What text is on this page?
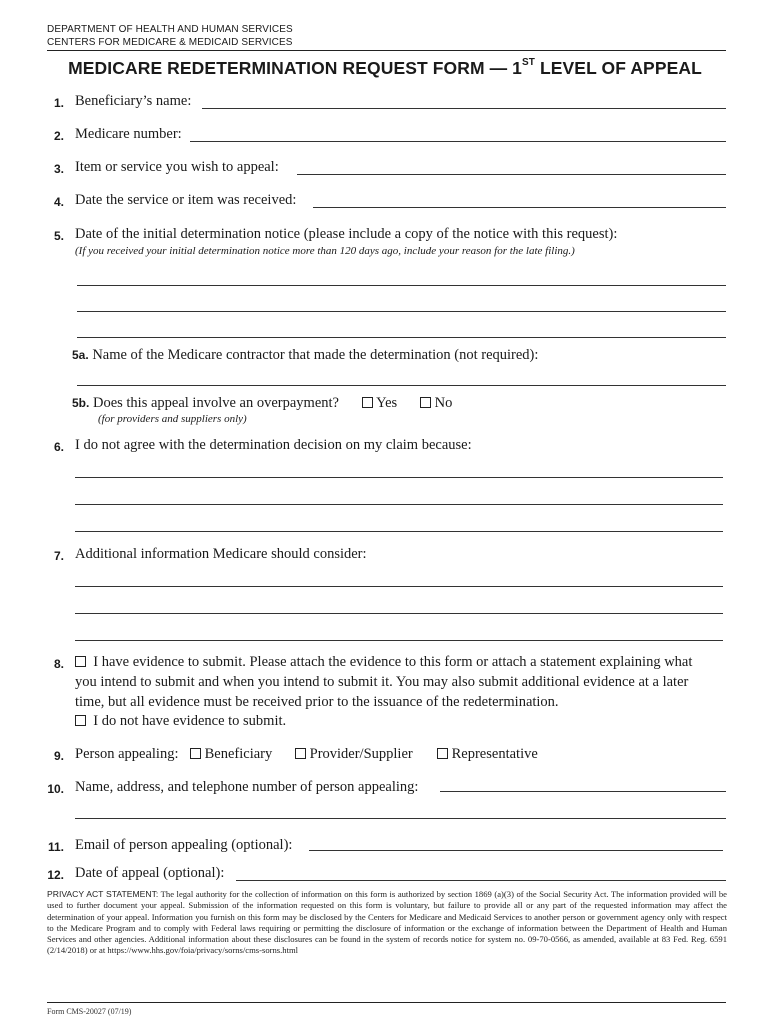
DEPARTMENT OF HEALTH AND HUMAN SERVICES
CENTERS FOR MEDICARE & MEDICAID SERVICES
MEDICARE REDETERMINATION REQUEST FORM — 1ST LEVEL OF APPEAL
1. Beneficiary’s name:
2. Medicare number:
3. Item or service you wish to appeal:
4. Date the service or item was received:
5. Date of the initial determination notice (please include a copy of the notice with this request):
(If you received your initial determination notice more than 120 days ago, include your reason for the late filing.)
5a. Name of the Medicare contractor that made the determination (not required):
5b. Does this appeal involve an overpayment?	Yes	No
(for providers and suppliers only)
6. I do not agree with the determination decision on my claim because:
7. Additional information Medicare should consider:
8.	I have evidence to submit. Please attach the evidence to this form or attach a statement explaining what
you intend to submit and when you intend to submit it. You may also submit additional evidence at a later
time, but all evidence must be received prior to the issuance of the redetermination.
I do not have evidence to submit.
9. Person appealing:	Beneficiary	Provider/Supplier	Representative
10. Name, address, and telephone number of person appealing:
11. Email of person appealing (optional):
12. Date of appeal (optional):
PRIVACY ACT STATEMENT: The legal authority for the collection of information on this form is authorized by section 1869 (a)(3) of the Social Security Act. The information provided will be used to further document your appeal. Submission of the information requested on this form is voluntary, but failure to provide all or any part of the requested information may affect the determination of your appeal. Information you furnish on this form may be disclosed by the Centers for Medicare and Medicaid Services to another person or government agency only with respect to the Medicare Program and to comply with Federal laws requiring or permitting the disclosure of information or the exchange of information between the Department of Health and Human Services and other agencies. Additional information about these disclosures can be found in the system of records notice for system no. 09-70-0566, as amended, available at 83 Fed. Reg. 6591 (2/14/2018) or at https://www.hhs.gov/foia/privacy/sorns/cms-sorns.html
Form CMS-20027 (07/19)
